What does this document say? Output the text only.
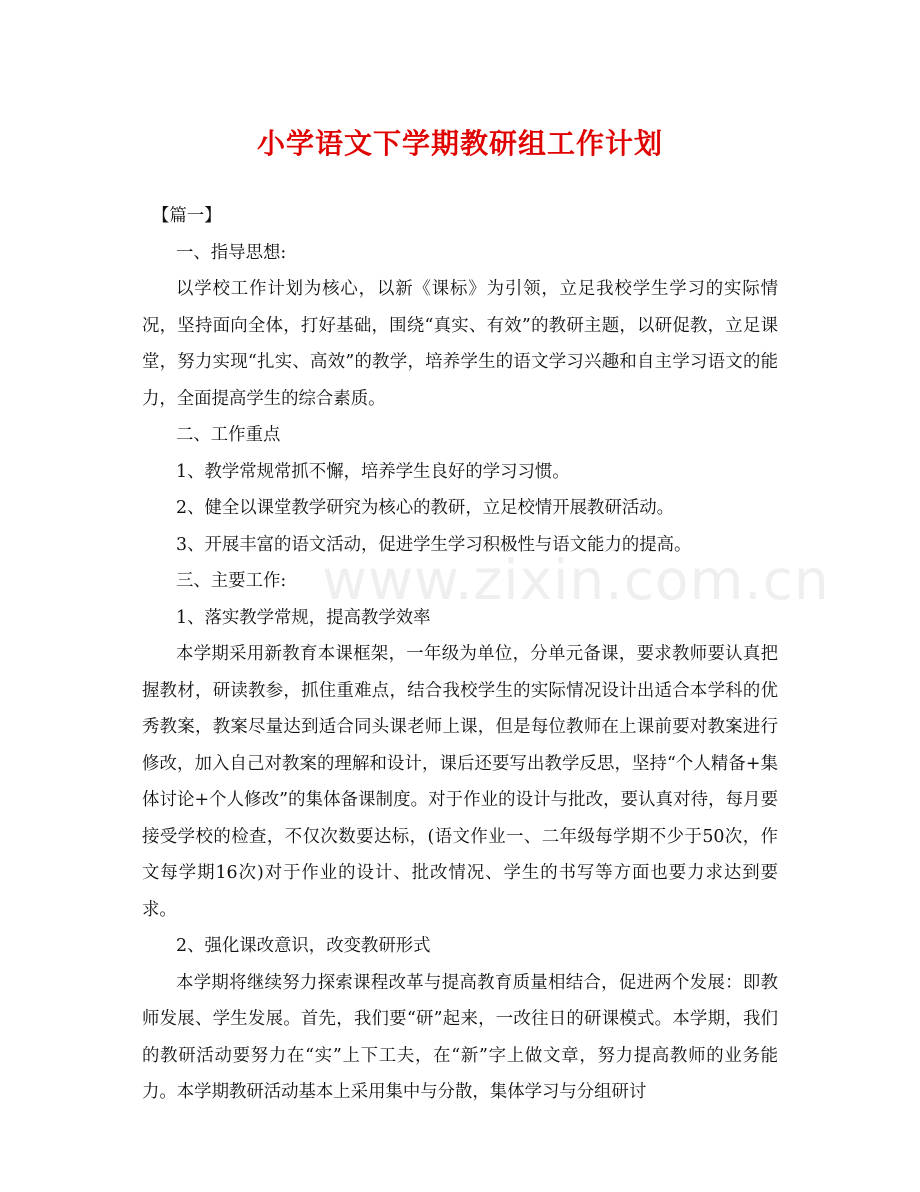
小学语文下学期教研组工作计划
www.zixin.com.cn

【篇一】

一、指导思想:

以学校工作计划为核心，以新《课标》为引领，立足我校学生学习的实际情况，坚持面向全体，打好基础，围绕“真实、有效”的教研主题，以研促教，立足课堂，努力实现“扎实、高效”的教学，培养学生的语文学习兴趣和自主学习语文的能力，全面提高学生的综合素质。

二、工作重点

1、教学常规常抓不懈，培养学生良好的学习习惯。

2、健全以课堂教学研究为核心的教研，立足校情开展教研活动。

3、开展丰富的语文活动，促进学生学习积极性与语文能力的提高。

三、主要工作:

1、落实教学常规，提高教学效率

本学期采用新教育本课框架，一年级为单位，分单元备课，要求教师要认真把握教材，研读教参，抓住重难点，结合我校学生的实际情况设计出适合本学科的优秀教案，教案尽量达到适合同头课老师上课，但是每位教师在上课前要对教案进行修改，加入自己对教案的理解和设计，课后还要写出教学反思，坚持“个人精备+集体讨论+个人修改”的集体备课制度。对于作业的设计与批改，要认真对待，每月要接受学校的检查，不仅次数要达标，(语文作业一、二年级每学期不少于50次，作文每学期16次)对于作业的设计、批改情况、学生的书写等方面也要力求达到要求。

2、强化课改意识，改变教研形式

本学期将继续努力探索课程改革与提高教育质量相结合，促进两个发展：即教师发展、学生发展。首先，我们要“研”起来，一改往日的研课模式。本学期，我们的教研活动要努力在“实”上下工夫，在“新”字上做文章，努力提高教师的业务能力。本学期教研活动基本上采用集中与分散，集体学习与分组研讨
